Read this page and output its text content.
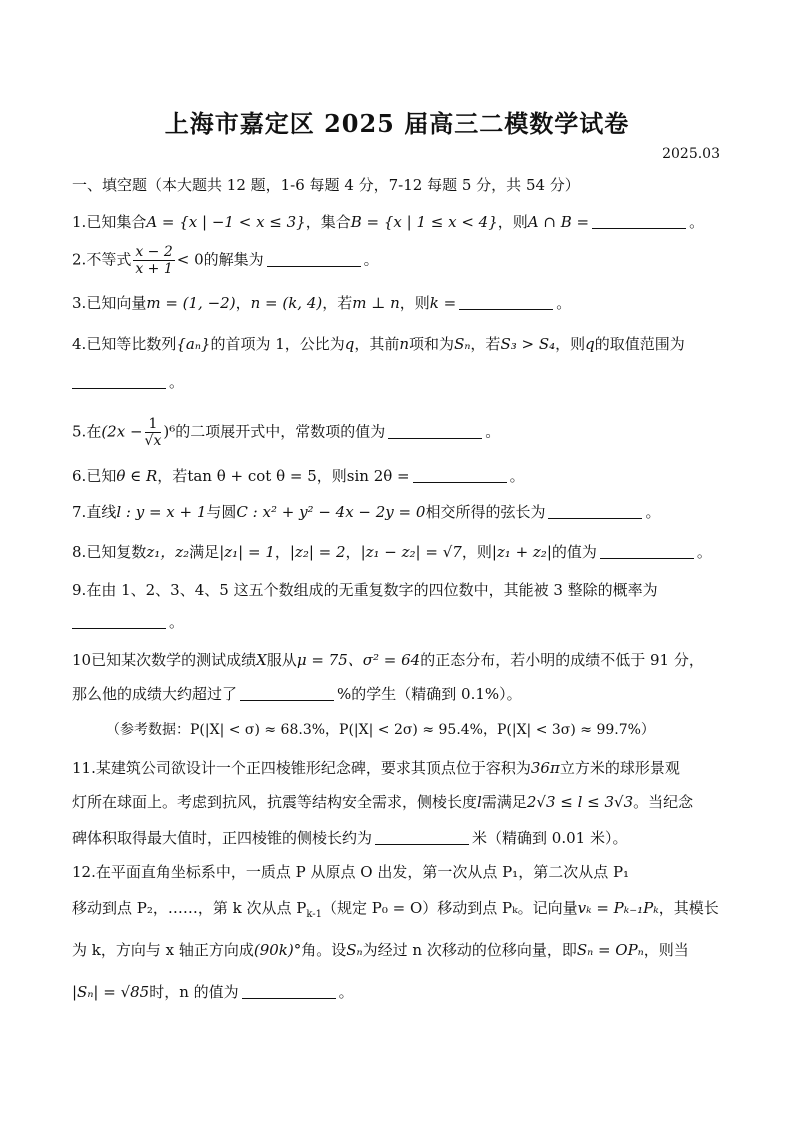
上海市嘉定区 2025 届高三二模数学试卷
2025.03
一、填空题（本大题共 12 题，1-6 每题 4 分，7-12 每题 5 分，共 54 分）
1.已知集合A = {x | −1 < x ≤ 3}，集合B = {x | 1 ≤ x < 4}，则A ∩ B =	。
2.不等式 $\frac{x - 2}{x + 1} < 0$的解集为	。
3.已知向量m = (1, −2)，n = (k, 4)，若m ⊥ n，则k =	。
4.已知等比数列{aₙ}的首项为 1，公比为q，其前n项和为Sₙ，若S₃ > S₄，则q的取值范围为
。
5.在$(2x - \frac{1}{√x} )^6$的二项展开式中，常数项的值为	。
6.已知θ ∈ R，若tan θ + cot θ = 5，则sin 2θ =	。
7.直线l : y = x + 1与圆C : x² + y² − 4x − 2y = 0相交所得的弦长为	。
8.已知复数z₁，z₂满足|z₁| = 1，|z₂| = 2，|z₁ − z₂| = √7，则|z₁ + z₂|的值为	。
9.在由 1、2、3、4、5 这五个数组成的无重复数字的四位数中，其能被 3 整除的概率为
。
10已知某次数学的测试成绩X服从μ = 75、σ² = 64的正态分布，若小明的成绩不低于 91 分，
那么他的成绩大约超过了	%的学生（精确到 0.1%）。
（参考数据：P(|X| < σ) ≈ 68.3%，P(|X| < 2σ) ≈ 95.4%，P(|X| < 3σ) ≈ 99.7%）
11.某建筑公司欲设计一个正四棱锥形纪念碑，要求其顶点位于容积为36π立方米的球形景观
灯所在球面上。考虑到抗风，抗震等结构安全需求，侧棱长度l需满足2√3 ≤ l ≤ 3√3。当纪念
碑体积取得最大值时，正四棱锥的侧棱长约为	米（精确到 0.01 米）。
12.在平面直角坐标系中，一质点 P 从原点 O 出发，第一次从点 P₁，第二次从点 P₁
移动到点 P₂，……，第 k 次从点 $P_{k-1}$（规定 P₀ = O）移动到点 Pₖ。记向量vₖ = Pₖ₋₁Pₖ，其模长
为 k，方向与 x 轴正方向成(90k)°角。设Sₙ为经过 n 次移动的位移向量，即Sₙ = OPₙ，则当
|Sₙ| = √85时，n 的值为	。
